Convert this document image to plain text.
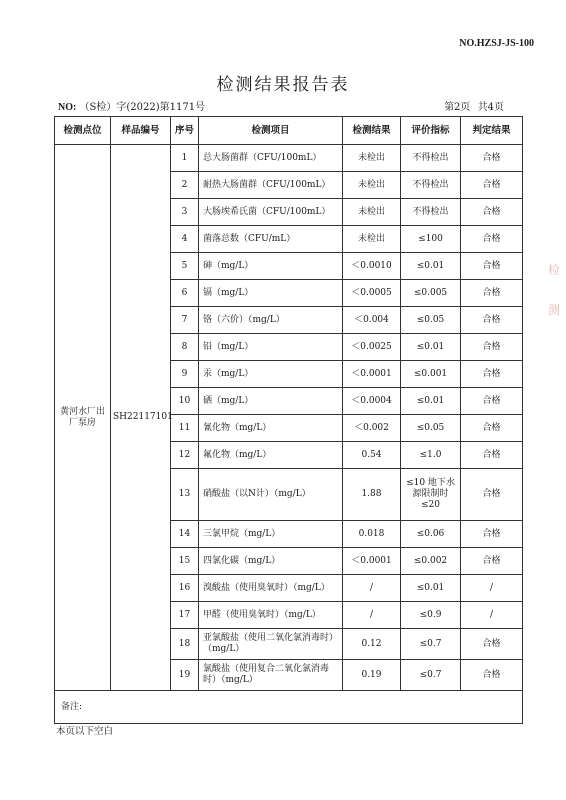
NO.HZSJ-JS-100
检测结果报告表
NO: （S检）字(2022)第1171号	第2页 共4页
检测点位	样品编号	序号	检测项目	检测结果	评价指标	判定结果
黄河水厂出厂泵房	SH22117101	1	总大肠菌群（CFU/100mL）	未检出	不得检出	合格
		2	耐热大肠菌群（CFU/100mL）	未检出	不得检出	合格
		3	大肠埃希氏菌（CFU/100mL）	未检出	不得检出	合格
		4	菌落总数（CFU/mL）	未检出	≤100	合格
		5	砷（mg/L）	＜0.0010	≤0.01	合格
		6	镉（mg/L）	＜0.0005	≤0.005	合格
		7	铬（六价）（mg/L）	＜0.004	≤0.05	合格
		8	铅（mg/L）	＜0.0025	≤0.01	合格
		9	汞（mg/L）	＜0.0001	≤0.001	合格
		10	硒（mg/L）	＜0.0004	≤0.01	合格
		11	氰化物（mg/L）	＜0.002	≤0.05	合格
		12	氟化物（mg/L）	0.54	≤1.0	合格
		13	硝酸盐（以N计）（mg/L）	1.88	≤10 地下水源限制时 ≤20	合格
		14	三氯甲烷（mg/L）	0.018	≤0.06	合格
		15	四氯化碳（mg/L）	＜0.0001	≤0.002	合格
		16	溴酸盐（使用臭氧时）（mg/L）	/	≤0.01	/
		17	甲醛（使用臭氧时）（mg/L）	/	≤0.9	/
		18	亚氯酸盐（使用二氧化氯消毒时）（mg/L）	0.12	≤0.7	合格
		19	氯酸盐（使用复合二氧化氯消毒时）（mg/L）	0.19	≤0.7	合格
备注:						
本页以下空白
检测
